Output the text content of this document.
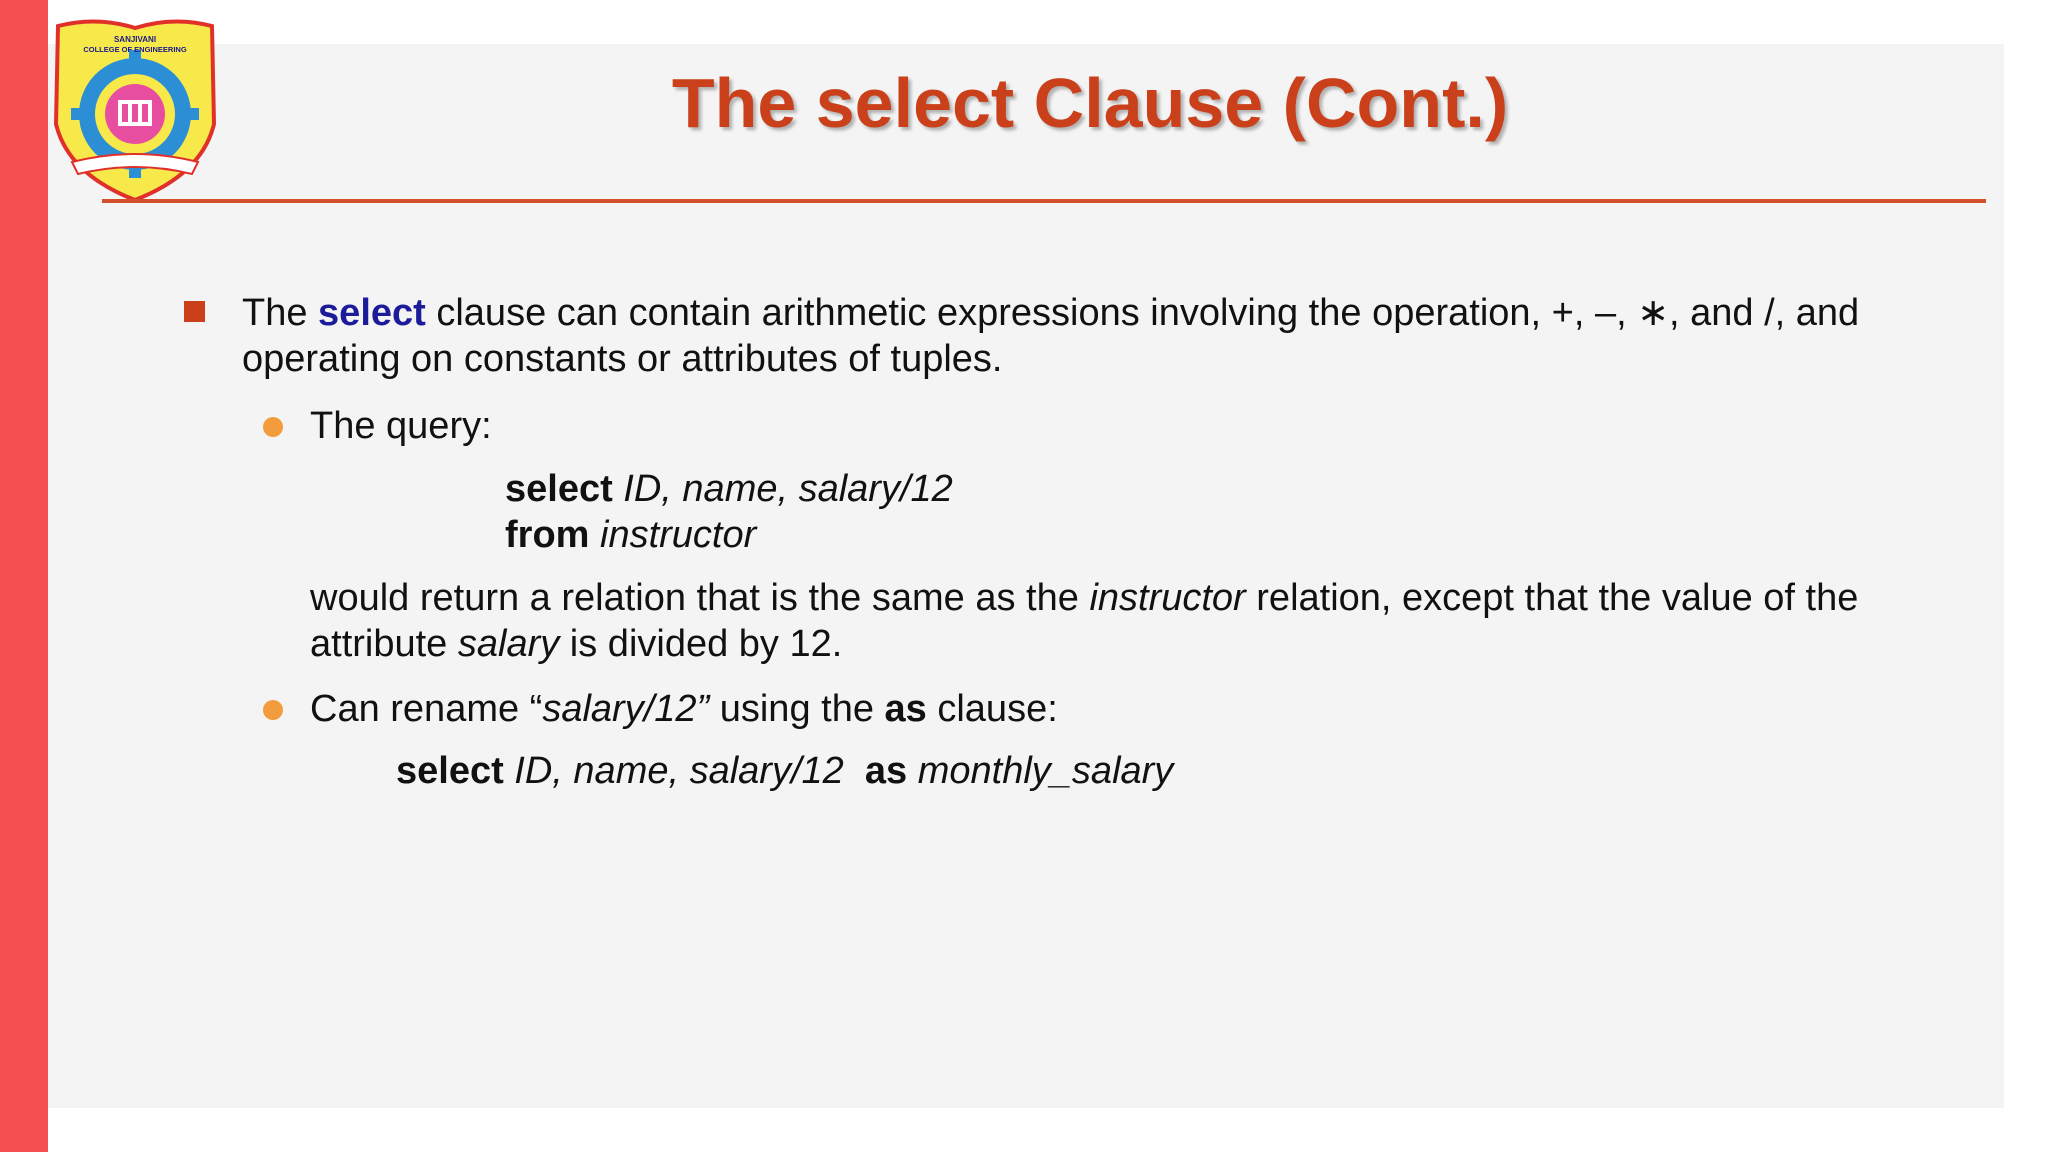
SANJIVANI
COLLEGE OF ENGINEERING
The select Clause (Cont.)

The select clause can contain arithmetic expressions involving the operation, +, –, ∗, and /, and

operating on constants or attributes of tuples.

The query:

select ID, name, salary/12

from instructor

would return a relation that is the same as the instructor relation, except that the value of the

attribute salary is divided by 12.

Can rename “salary/12” using the as clause:

select ID, name, salary/12  as monthly_salary
